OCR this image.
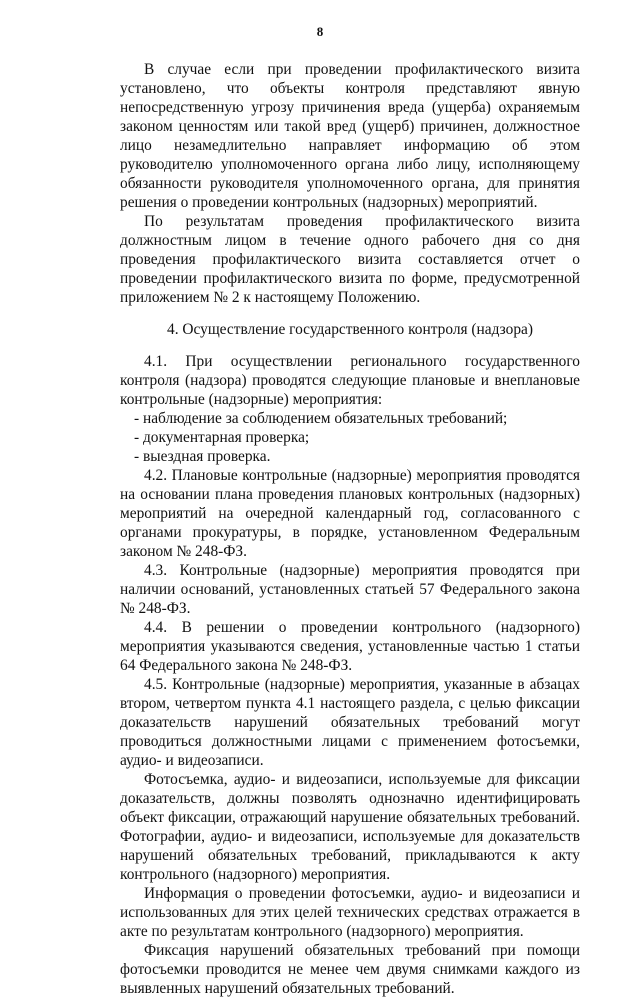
8

В случае если при проведении профилактического визита установлено, что объекты контроля представляют явную непосредственную угрозу причинения вреда (ущерба) охраняемым законом ценностям или такой вред (ущерб) причинен, должностное лицо незамедлительно направляет информацию об этом руководителю уполномоченного органа либо лицу, исполняющему обязанности руководителя уполномоченного органа, для принятия решения о проведении контрольных (надзорных) мероприятий.

По результатам проведения профилактического визита должностным лицом в течение одного рабочего дня со дня проведения профилактического визита составляется отчет о проведении профилактического визита по форме, предусмотренной приложением № 2 к настоящему Положению.

4. Осуществление государственного контроля (надзора)

4.1. При осуществлении регионального государственного контроля (надзора) проводятся следующие плановые и внеплановые контрольные (надзорные) мероприятия:

- наблюдение за соблюдением обязательных требований;

- документарная проверка;

- выездная проверка.

4.2. Плановые контрольные (надзорные) мероприятия проводятся на основании плана проведения плановых контрольных (надзорных) мероприятий на очередной календарный год, согласованного с органами прокуратуры, в порядке, установленном Федеральным законом № 248-ФЗ.

4.3. Контрольные (надзорные) мероприятия проводятся при наличии оснований, установленных статьей 57 Федерального закона № 248-ФЗ.

4.4. В решении о проведении контрольного (надзорного) мероприятия указываются сведения, установленные частью 1 статьи 64 Федерального закона № 248-ФЗ.

4.5. Контрольные (надзорные) мероприятия, указанные в абзацах втором, четвертом пункта 4.1 настоящего раздела, с целью фиксации доказательств нарушений обязательных требований могут проводиться должностными лицами с применением фотосъемки, аудио- и видеозаписи.

Фотосъемка, аудио- и видеозаписи, используемые для фиксации доказательств, должны позволять однозначно идентифицировать объект фиксации, отражающий нарушение обязательных требований. Фотографии, аудио- и видеозаписи, используемые для доказательств нарушений обязательных требований, прикладываются к акту контрольного (надзорного) мероприятия.

Информация о проведении фотосъемки, аудио- и видеозаписи и использованных для этих целей технических средствах отражается в акте по результатам контрольного (надзорного) мероприятия.

Фиксация нарушений обязательных требований при помощи фотосъемки проводится не менее чем двумя снимками каждого из выявленных нарушений обязательных требований.
